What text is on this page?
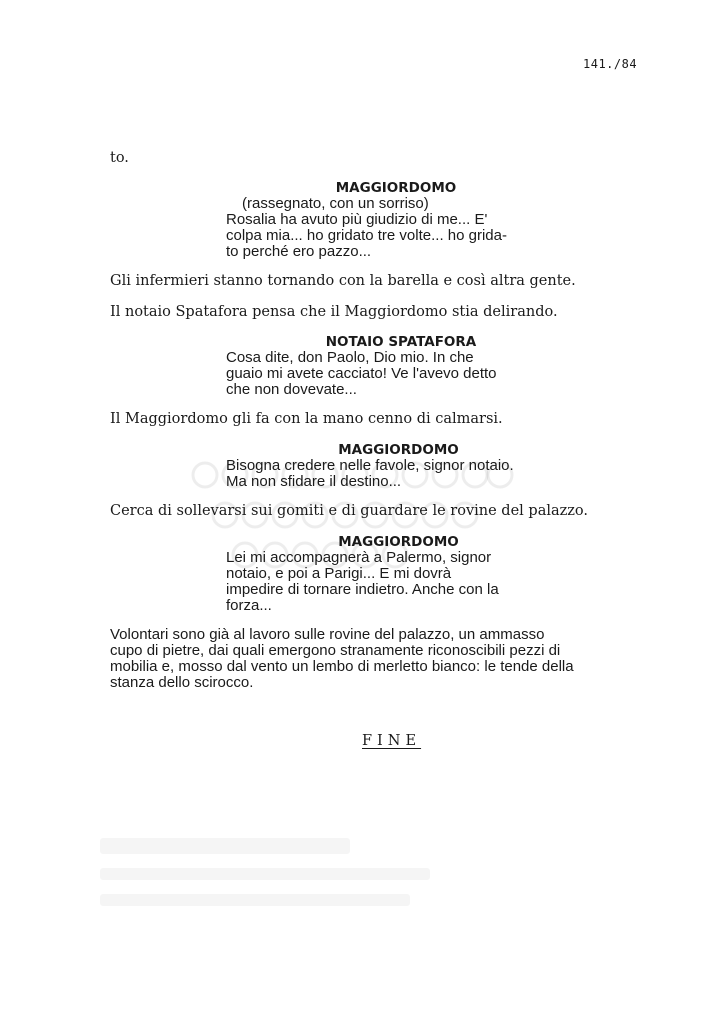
141./84
to.
MAGGIORDOMO
(rassegnato, con un sorriso)
Rosalia ha avuto più giudizio di me... E'
colpa mia... ho gridato tre volte... ho grida-
to perché ero pazzo...
Gli infermieri stanno tornando con la barella e così altra gente.
Il notaio Spatafora pensa che il Maggiordomo stia delirando.
NOTAIO SPATAFORA
Cosa dite, don Paolo, Dio mio. In che
guaio mi avete cacciato! Ve l'avevo detto
che non dovevate...
Il Maggiordomo gli fa con la mano cenno di calmarsi.
MAGGIORDOMO
Bisogna credere nelle favole, signor notaio.
Ma non sfidare il destino...
Cerca di sollevarsi sui gomiti e di guardare le rovine del palazzo.
MAGGIORDOMO
Lei mi accompagnerà a Palermo, signor
notaio, e poi a Parigi... E mi dovrà
impedire di tornare indietro. Anche con la
forza...
Volontari sono già al lavoro sulle rovine del palazzo, un ammasso
cupo di pietre, dai quali emergono stranamente riconoscibili pezzi di
mobilia e, mosso dal vento un lembo di merletto bianco: le tende della
stanza dello scirocco.
FINE
